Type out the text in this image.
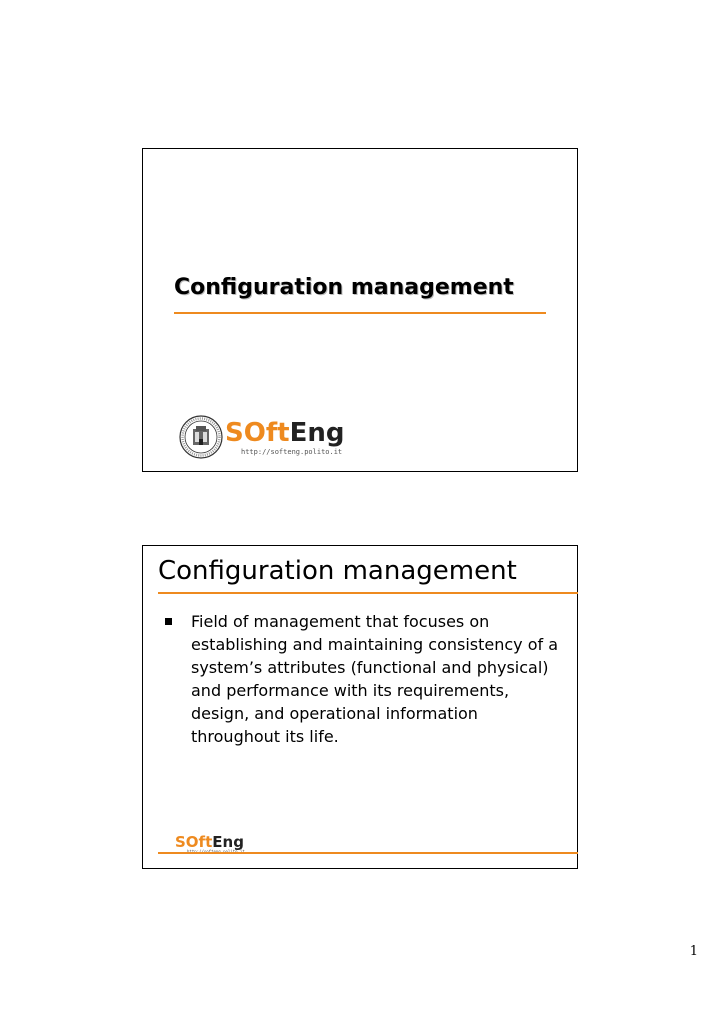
Configuration management
SOftEng
http://softeng.polito.it
Configuration management
Field of management that focuses on establishing and maintaining consistency of a system’s attributes (functional and physical) and performance with its requirements, design, and operational information throughout its life.
SOftEng
1
